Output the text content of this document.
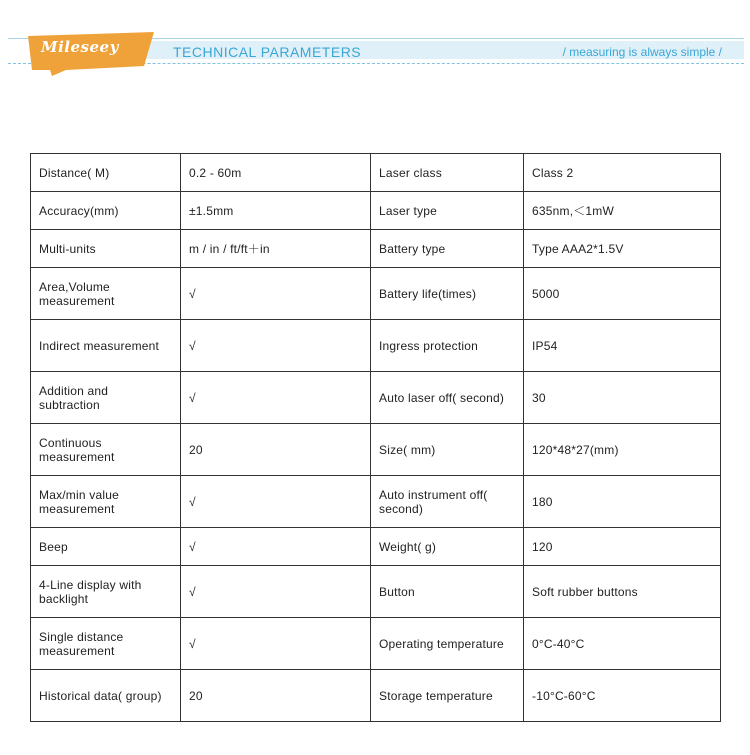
Mileseey	TECHNICAL PARAMETERS	/ measuring is always simple /
Distance( M)	0.2 - 60m	Laser class	Class 2
Accuracy(mm)	±1.5mm	Laser type	635nm,＜1mW
Multi-units	m / in / ft/ft＋in	Battery type	Type AAA2*1.5V
Area,Volume measurement	√	Battery life(times)	5000
Indirect measurement	√	Ingress protection	IP54
Addition and subtraction	√	Auto laser off( second)	30
Continuous measurement	20	Size( mm)	120*48*27(mm)
Max/min value measurement	√	Auto instrument off( second)	180
Beep	√	Weight( g)	120
4-Line display with backlight	√	Button	Soft rubber buttons
Single distance measurement	√	Operating temperature	0°C-40°C
Historical data( group)	20	Storage temperature	-10°C-60°C
